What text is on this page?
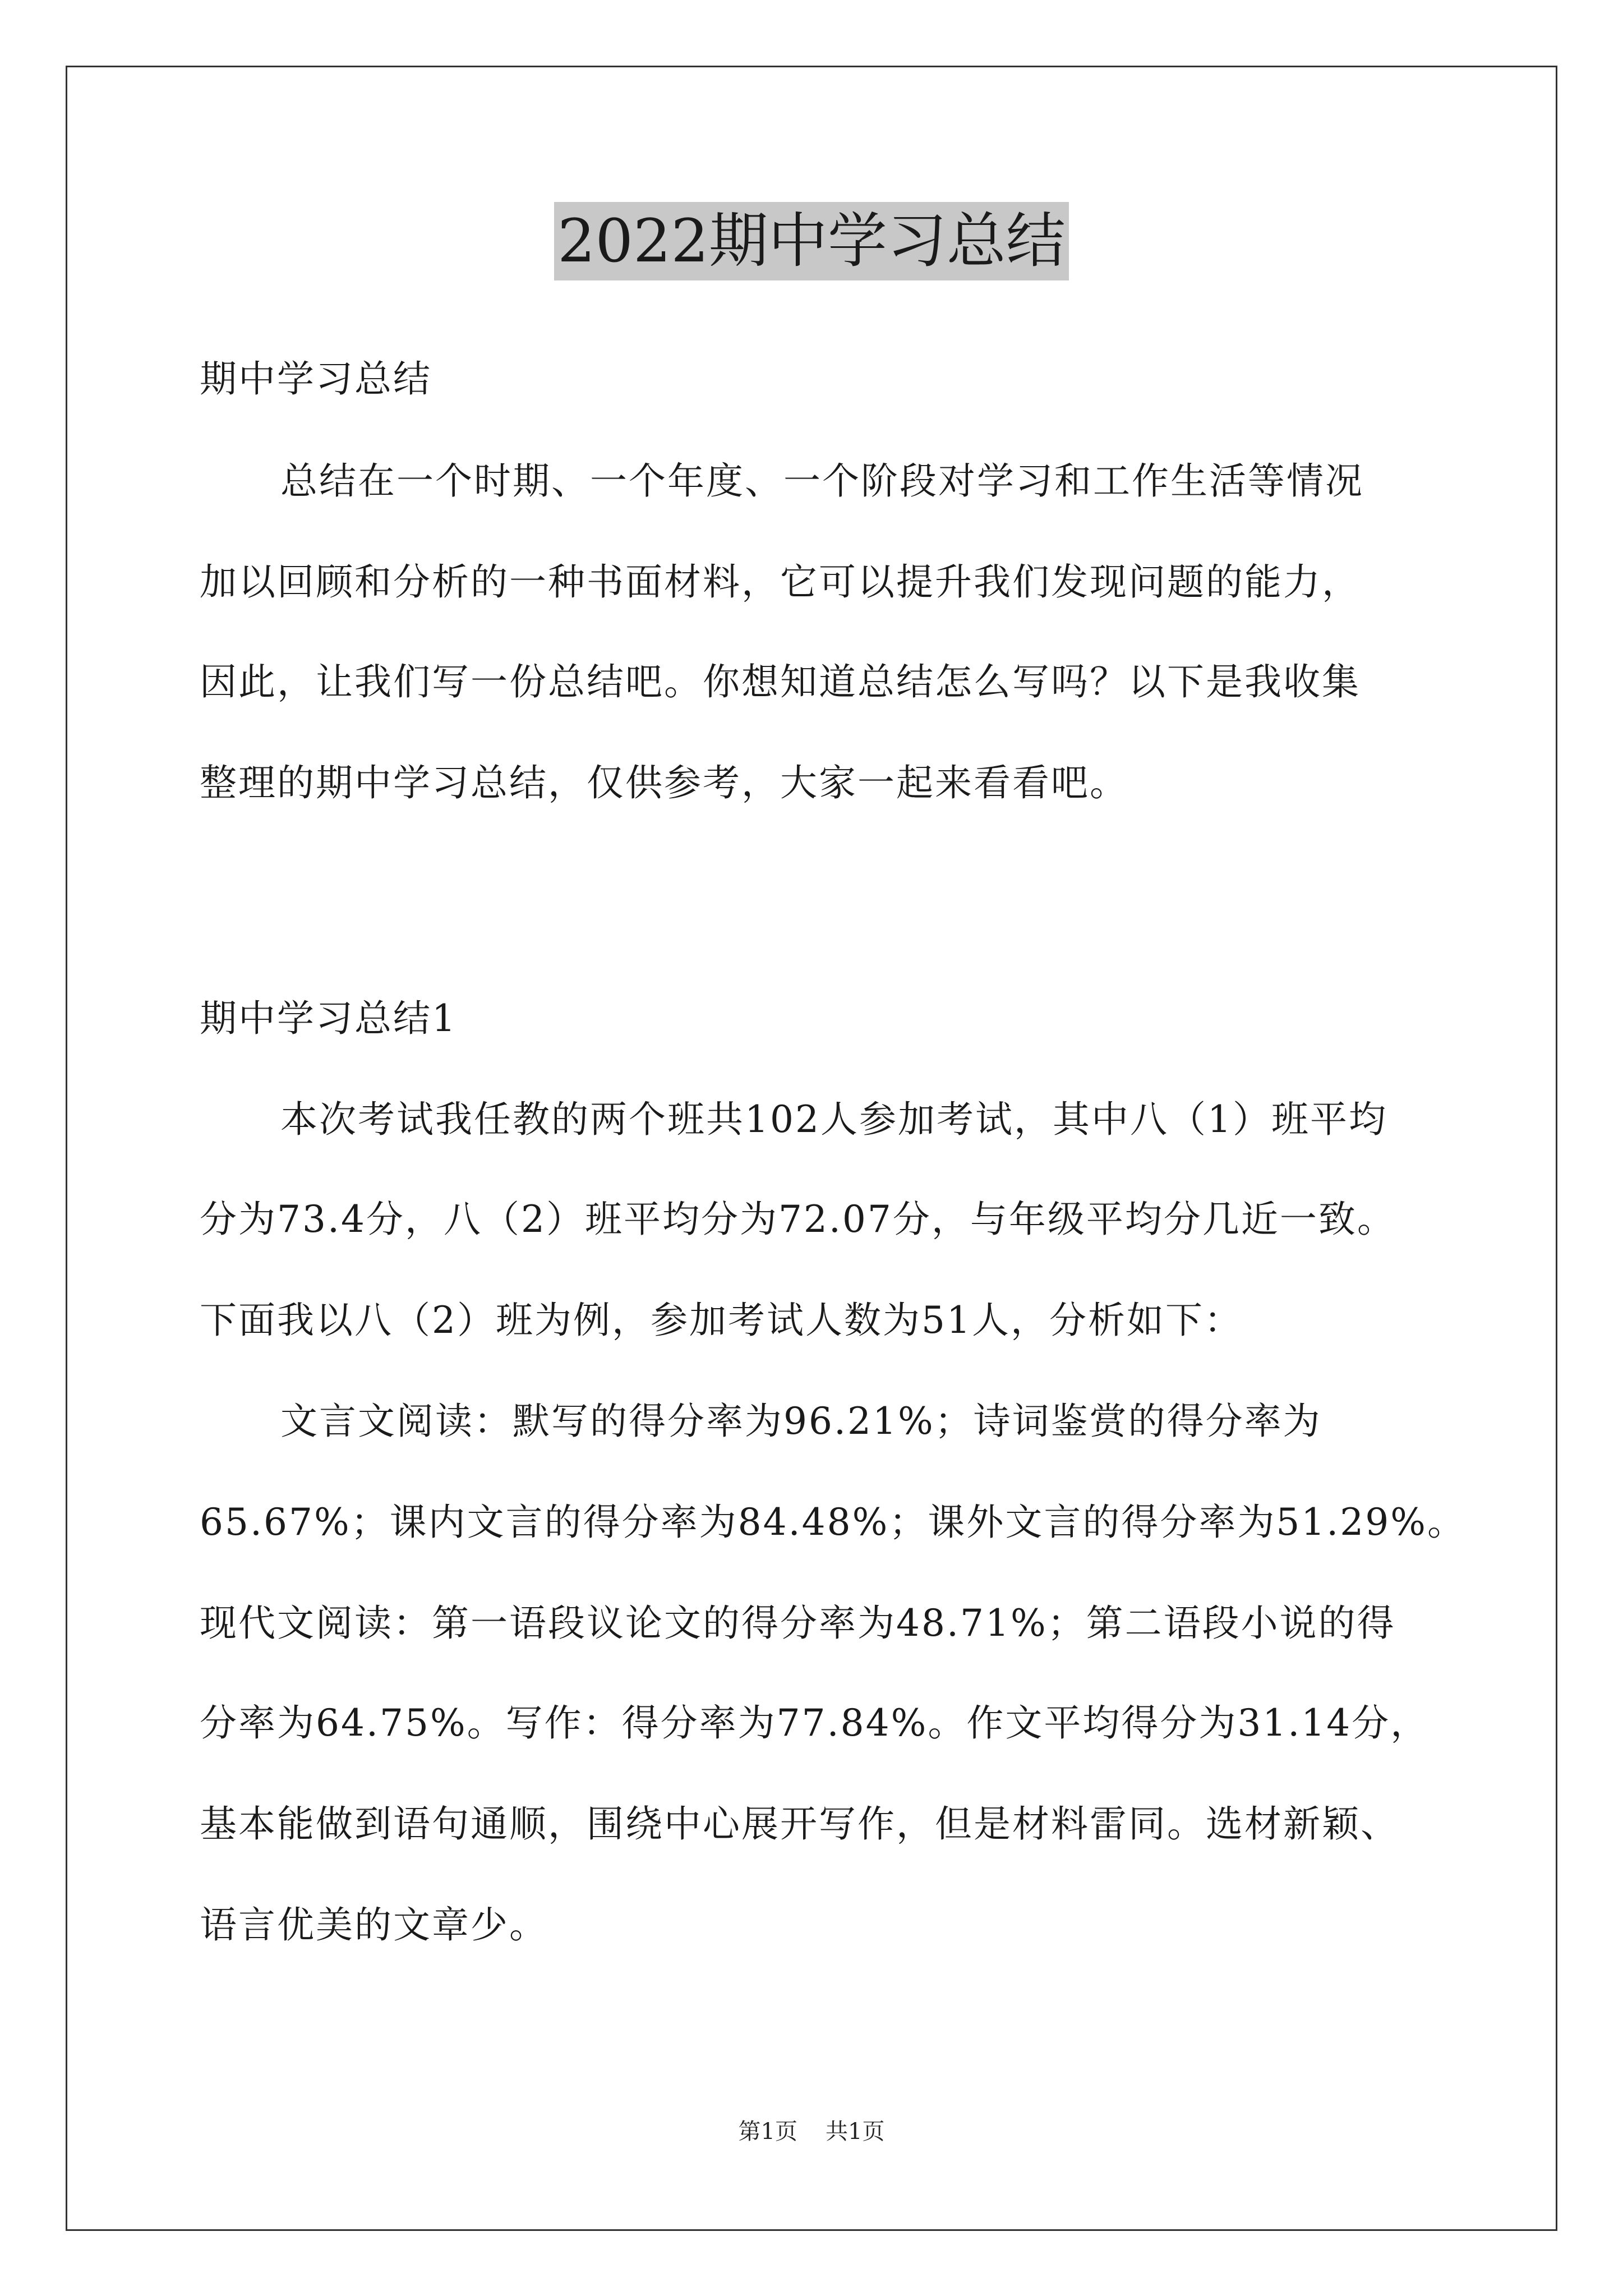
2022期中学习总结
期中学习总结
总结在一个时期、一个年度、一个阶段对学习和工作生活等情况
加以回顾和分析的一种书面材料，它可以提升我们发现问题的能力，
因此，让我们写一份总结吧。你想知道总结怎么写吗？以下是我收集
整理的期中学习总结，仅供参考，大家一起来看看吧。
期中学习总结1
本次考试我任教的两个班共102人参加考试，其中八（1）班平均
分为73.4分，八（2）班平均分为72.07分，与年级平均分几近一致。
下面我以八（2）班为例，参加考试人数为51人，分析如下：
文言文阅读：默写的得分率为96.21%；诗词鉴赏的得分率为
65.67%；课内文言的得分率为84.48%；课外文言的得分率为51.29%。
现代文阅读：第一语段议论文的得分率为48.71%；第二语段小说的得
分率为64.75%。写作：得分率为77.84%。作文平均得分为31.14分，
基本能做到语句通顺，围绕中心展开写作，但是材料雷同。选材新颖、
语言优美的文章少。
第1页 共1页
